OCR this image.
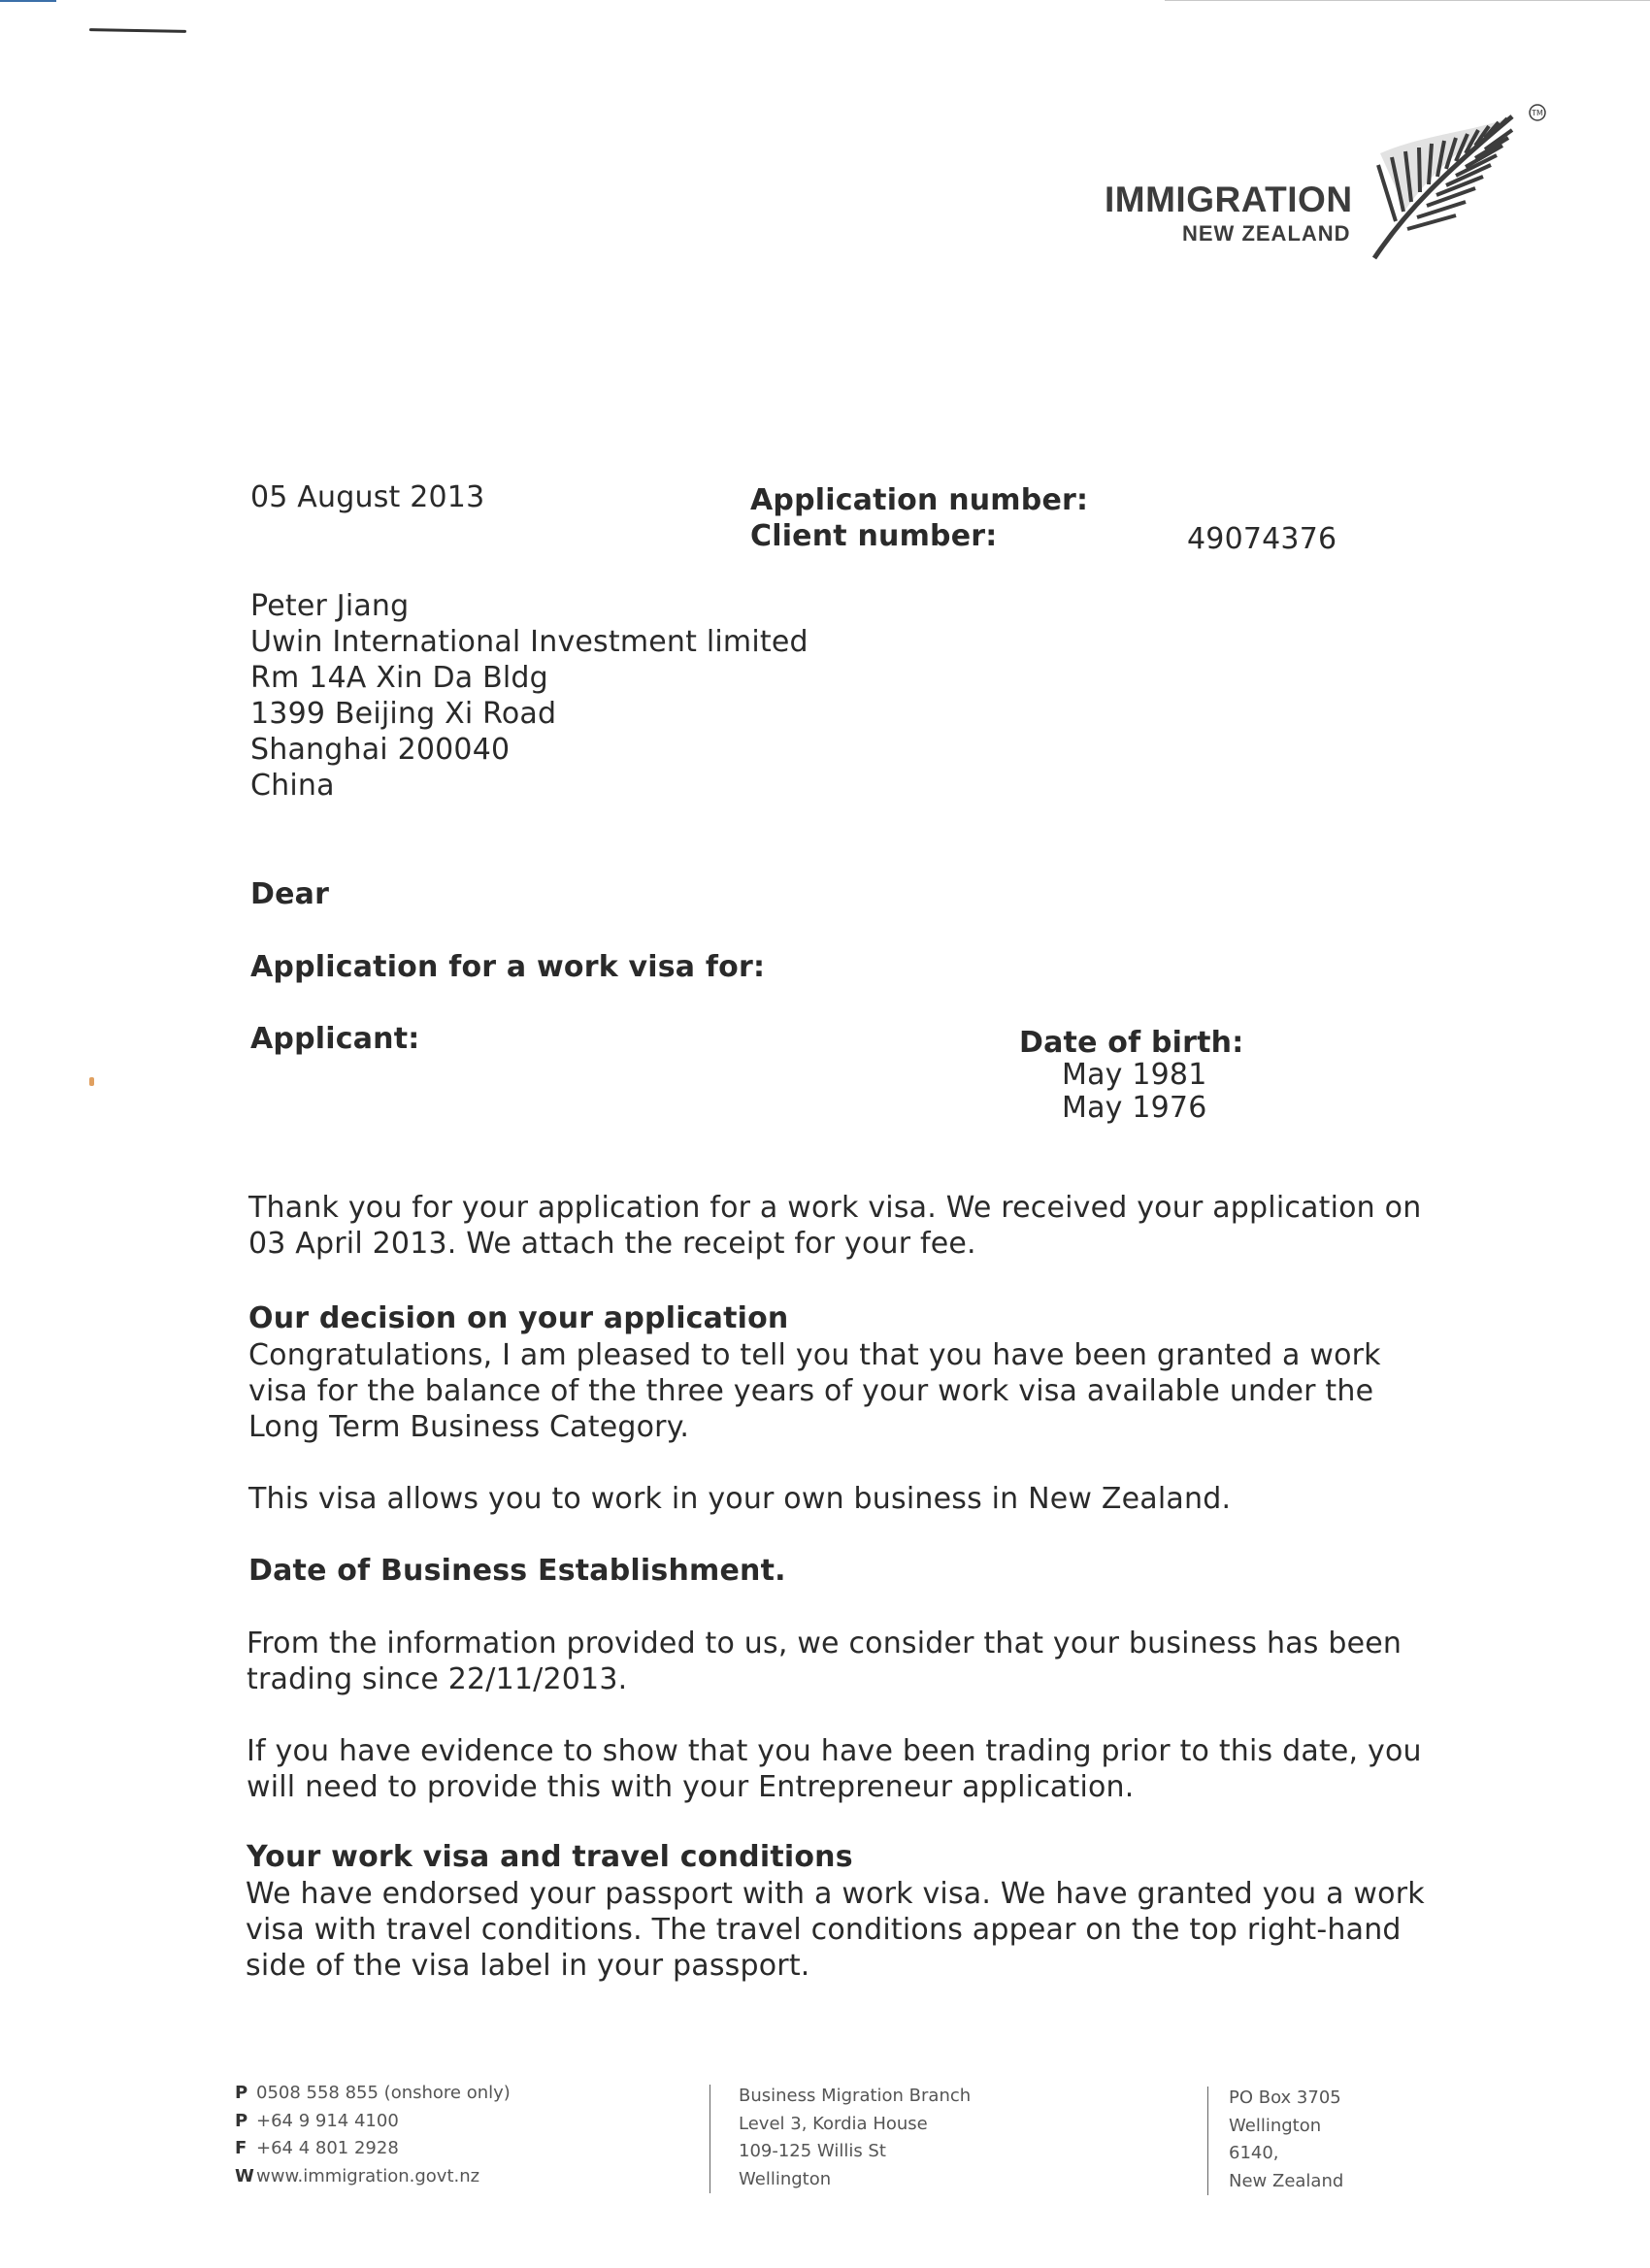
IMMIGRATION
NEW ZEALAND
TM
05 August 2013	Application number:
Client number:	49074376
Peter Jiang
Uwin International Investment limited
Rm 14A Xin Da Bldg
1399 Beijing Xi Road
Shanghai 200040
China
Dear
Application for a work visa for:
Applicant:	Date of birth:
May 1981
May 1976
Thank you for your application for a work visa. We received your application on 03 April 2013. We attach the receipt for your fee.
Our decision on your application
Congratulations, I am pleased to tell you that you have been granted a work visa for the balance of the three years of your work visa available under the Long Term Business Category.
This visa allows you to work in your own business in New Zealand.
Date of Business Establishment.
From the information provided to us, we consider that your business has been trading since 22/11/2013.
If you have evidence to show that you have been trading prior to this date, you will need to provide this with your Entrepreneur application.
Your work visa and travel conditions
We have endorsed your passport with a work visa. We have granted you a work visa with travel conditions. The travel conditions appear on the top right-hand side of the visa label in your passport.
P 0508 558 855 (onshore only)
P +64 9 914 4100
F +64 4 801 2928
W www.immigration.govt.nz
Business Migration Branch
Level 3, Kordia House
109-125 Willis St
Wellington
PO Box 3705
Wellington
6140,
New Zealand
